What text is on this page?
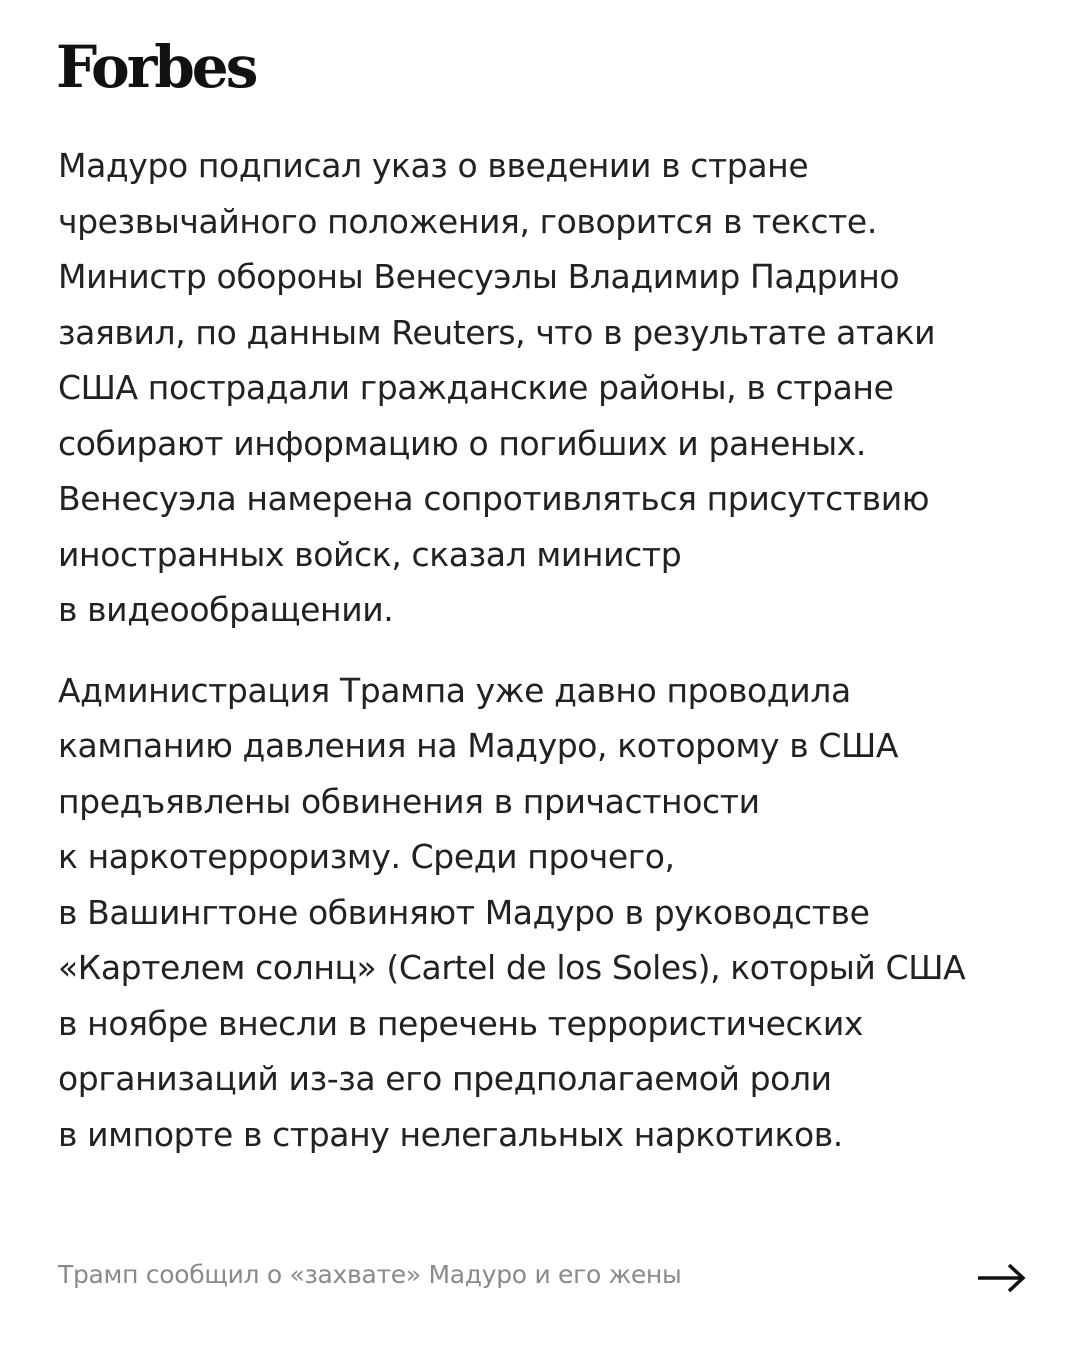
Forbes
Мадуро подписал указ о введении в стране
чрезвычайного положения, говорится в тексте.
Министр обороны Венесуэлы Владимир Падрино
заявил, по данным Reuters, что в результате атаки
США пострадали гражданские районы, в стране
собирают информацию о погибших и раненых.
Венесуэла намерена сопротивляться присутствию
иностранных войск, сказал министр
в видеообращении.
Администрация Трампа уже давно проводила
кампанию давления на Мадуро, которому в США
предъявлены обвинения в причастности
к наркотерроризму. Среди прочего,
в Вашингтоне обвиняют Мадуро в руководстве
«Картелем солнц» (Cartel de los Soles), который США
в ноябре внесли в перечень террористических
организаций из-за его предполагаемой роли
в импорте в страну нелегальных наркотиков.
Трамп сообщил о «захвате» Мадуро и его жены
